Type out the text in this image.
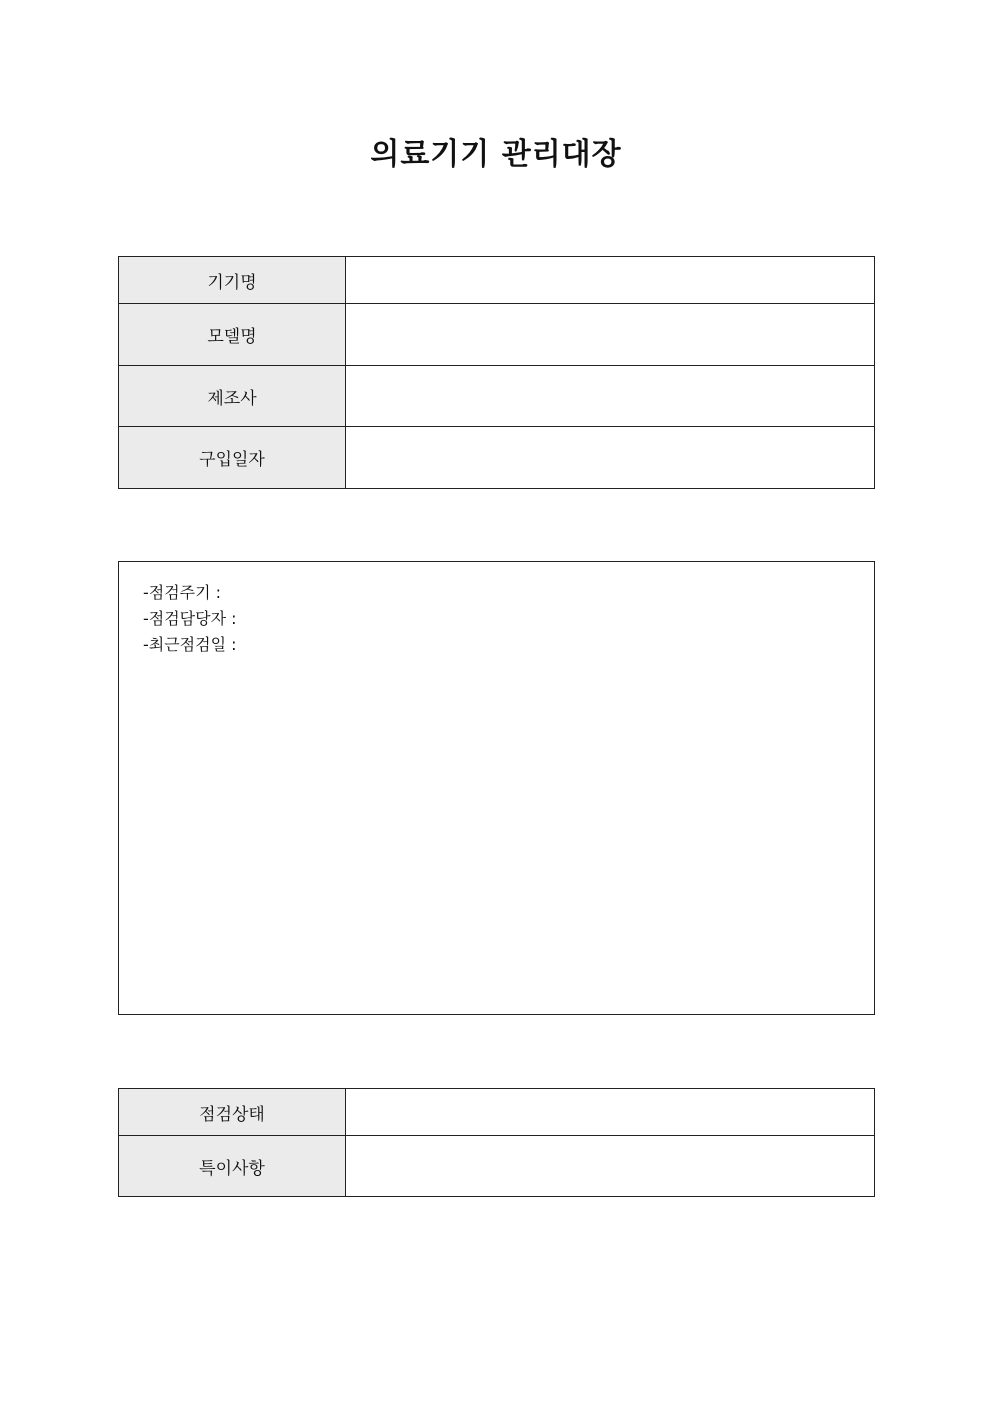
의료기기 관리대장
기기명	
모델명	
제조사	
구입일자	
-점검주기 :
-점검담당자 :
-최근점검일 :
점검상태	
특이사항	
